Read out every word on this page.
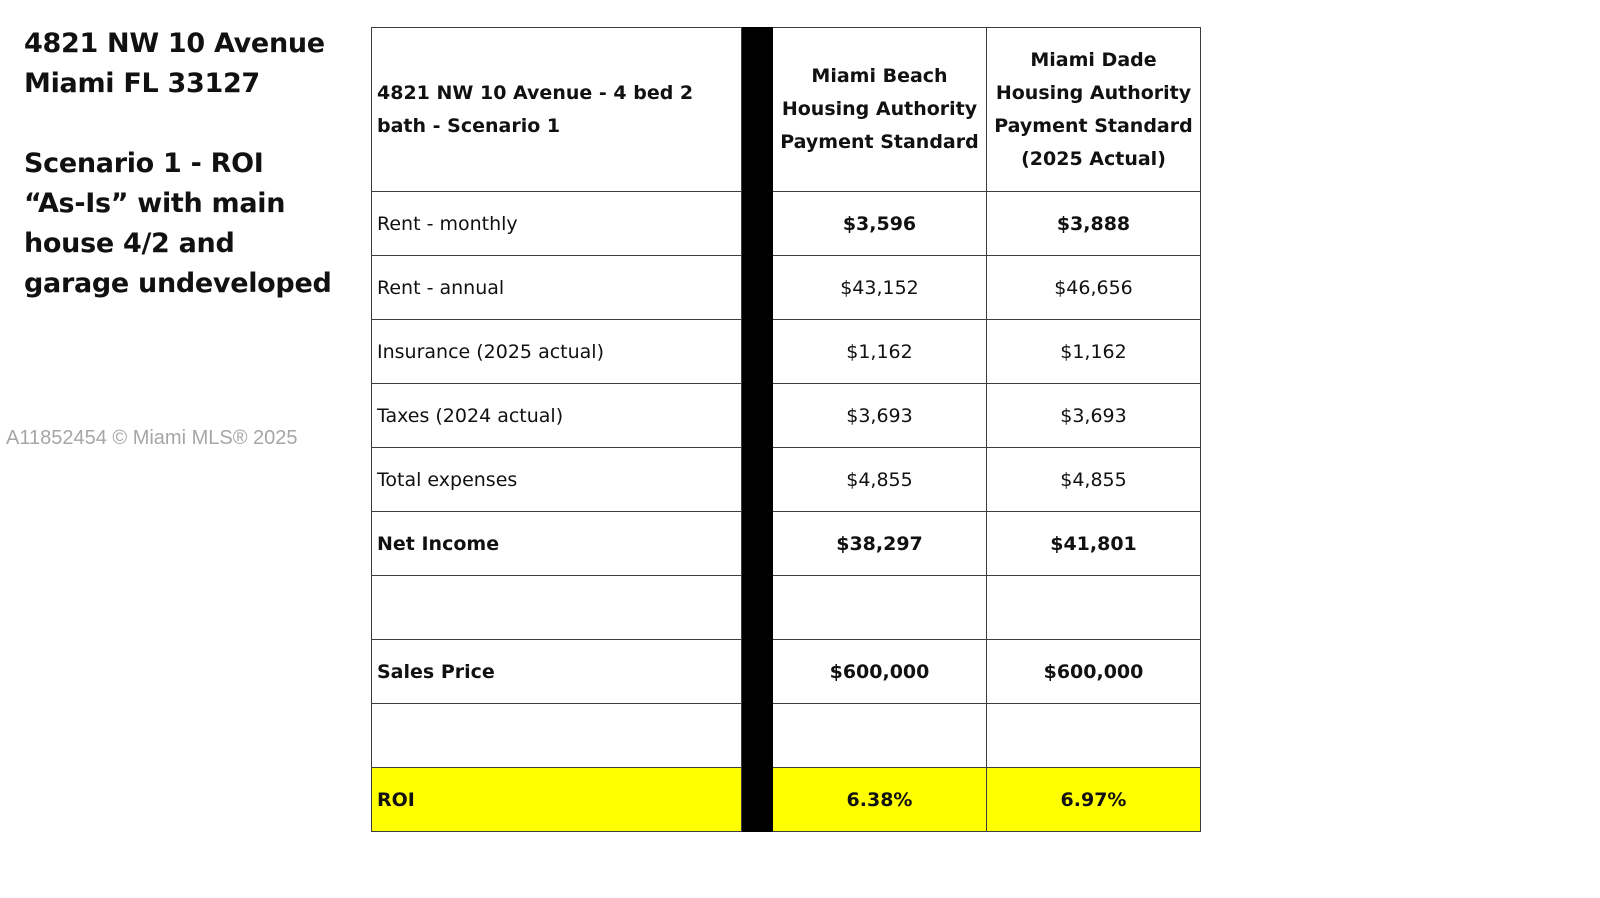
4821 NW 10 Avenue
Miami FL 33127
Scenario 1 - ROI
“As-Is” with main
house 4/2 and
garage undeveloped
A11852454 © Miami MLS® 2025
4821 NW 10 Avenue - 4 bed 2 bath - Scenario 1		Miami Beach Housing Authority Payment Standard	Miami Dade Housing Authority Payment Standard (2025 Actual)
Rent - monthly		$3,596	$3,888
Rent - annual		$43,152	$46,656
Insurance (2025 actual)		$1,162	$1,162
Taxes (2024 actual)		$3,693	$3,693
Total expenses		$4,855	$4,855
Net Income		$38,297	$41,801

Sales Price		$600,000	$600,000

ROI		6.38%	6.97%
